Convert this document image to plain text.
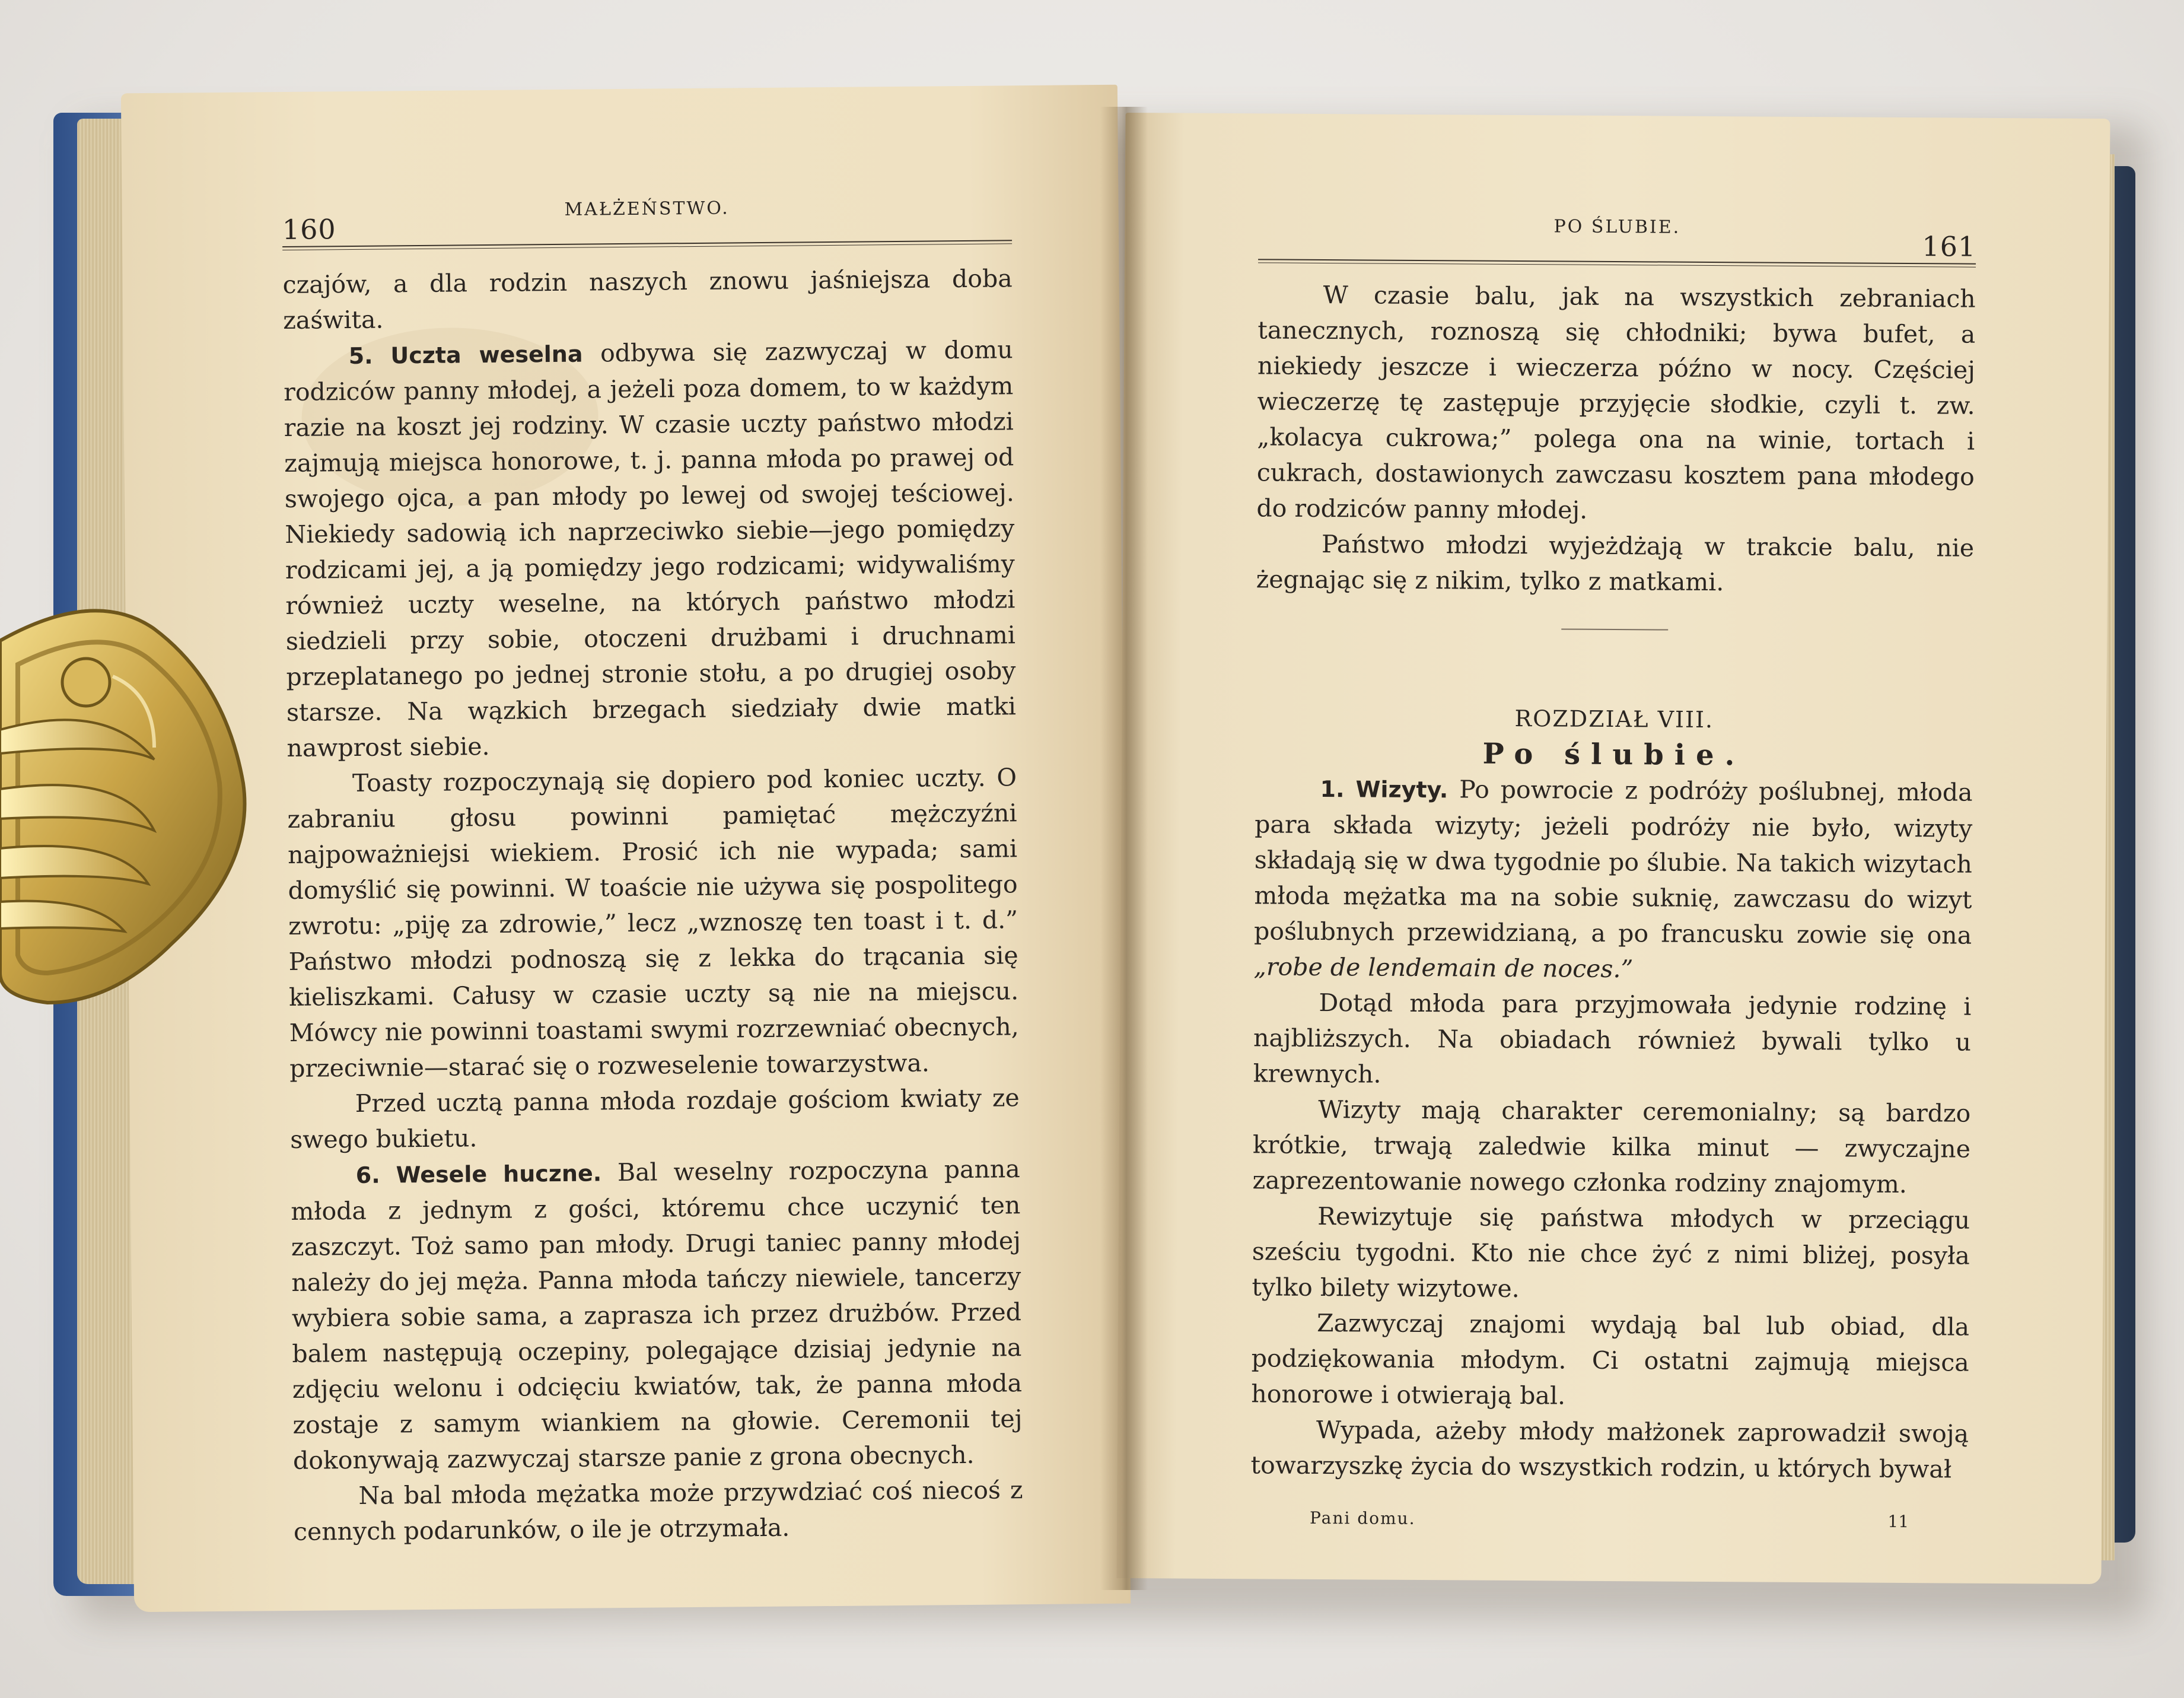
160
MAŁŻEŃSTWO.

czajów, a dla rodzin naszych znowu jaśniejsza doba zaświta.

5. Uczta weselna odbywa się zazwyczaj w domu rodziców panny młodej, a jeżeli poza domem, to w każdym razie na koszt jej rodziny. W czasie uczty państwo młodzi zajmują miejsca honorowe, t. j. panna młoda po prawej od swojego ojca, a pan młody po lewej od swojej teściowej. Niekiedy sadowią ich naprzeciwko siebie—jego pomiędzy rodzicami jej, a ją pomiędzy jego rodzicami; widywaliśmy również uczty weselne, na których państwo młodzi siedzieli przy sobie, otoczeni drużbami i druchnami przeplatanego po jednej stronie stołu, a po drugiej osoby starsze. Na wązkich brzegach siedziały dwie matki nawprost siebie.

Toasty rozpoczynają się dopiero pod koniec uczty. O zabraniu głosu powinni pamiętać mężczyźni najpoważniejsi wiekiem. Prosić ich nie wypada; sami domyślić się powinni. W toaście nie używa się pospolitego zwrotu: „piję za zdrowie,” lecz „wznoszę ten toast i t. d.” Państwo młodzi podnoszą się z lekka do trącania się kieliszkami. Całusy w czasie uczty są nie na miejscu. Mówcy nie powinni toastami swymi rozrzewniać obecnych, przeciwnie—starać się o rozweselenie towarzystwa.

Przed ucztą panna młoda rozdaje gościom kwiaty ze swego bukietu.

6. Wesele huczne. Bal weselny rozpoczyna panna młoda z jednym z gości, któremu chce uczynić ten zaszczyt. Toż samo pan młody. Drugi taniec panny młodej należy do jej męża. Panna młoda tańczy niewiele, tancerzy wybiera sobie sama, a zaprasza ich przez drużbów. Przed balem następują oczepiny, polegające dzisiaj jedynie na zdjęciu welonu i odcięciu kwiatów, tak, że panna młoda zostaje z samym wiankiem na głowie. Ceremonii tej dokonywają zazwyczaj starsze panie z grona obecnych.

Na bal młoda mężatka może przywdziać coś niecoś z cennych podarunków, o ile je otrzymała.

PO ŚLUBIE.
161

W czasie balu, jak na wszystkich zebraniach tanecznych, roznoszą się chłodniki; bywa bufet, a niekiedy jeszcze i wieczerza późno w nocy. Częściej wieczerzę tę zastępuje przyjęcie słodkie, czyli t. zw. „kolacya cukrowa;” polega ona na winie, tortach i cukrach, dostawionych zawczasu kosztem pana młodego do rodziców panny młodej.

Państwo młodzi wyjeżdżają w trakcie balu, nie żegnając się z nikim, tylko z matkami.

ROZDZIAŁ VIII.

Po ślubie.

1. Wizyty. Po powrocie z podróży poślubnej, młoda para składa wizyty; jeżeli podróży nie było, wizyty składają się w dwa tygodnie po ślubie. Na takich wizytach młoda mężatka ma na sobie suknię, zawczasu do wizyt poślubnych przewidzianą, a po francusku zowie się ona „robe de lendemain de noces.”

Dotąd młoda para przyjmowała jedynie rodzinę i najbliższych. Na obiadach również bywali tylko u krewnych.

Wizyty mają charakter ceremonialny; są bardzo krótkie, trwają zaledwie kilka minut — zwyczajne zaprezentowanie nowego członka rodziny znajomym.

Rewizytuje się państwa młodych w przeciągu sześciu tygodni. Kto nie chce żyć z nimi bliżej, posyła tylko bilety wizytowe.

Zazwyczaj znajomi wydają bal lub obiad, dla podziękowania młodym. Ci ostatni zajmują miejsca honorowe i otwierają bal.

Wypada, ażeby młody małżonek zaprowadził swoją towarzyszkę życia do wszystkich rodzin, u których bywał

Pani domu.	11
